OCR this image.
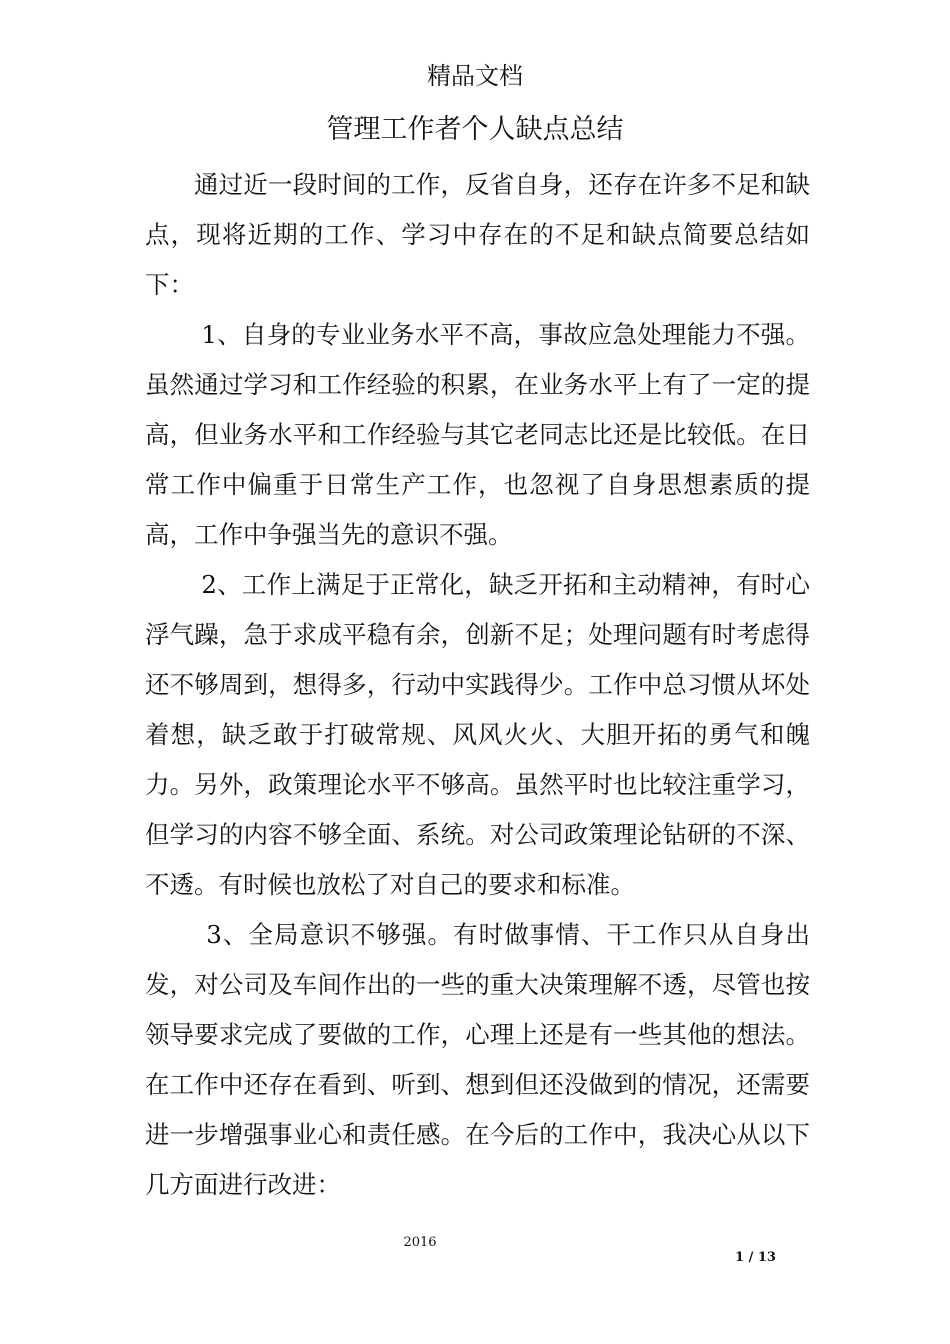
精品文档
管理工作者个人缺点总结

通过近一段时间的工作，反省自身，还存在许多不足和缺点，现将近期的工作、学习中存在的不足和缺点简要总结如下：

1、自身的专业业务水平不高，事故应急处理能力不强。虽然通过学习和工作经验的积累，在业务水平上有了一定的提高，但业务水平和工作经验与其它老同志比还是比较低。在日常工作中偏重于日常生产工作，也忽视了自身思想素质的提高，工作中争强当先的意识不强。

2、工作上满足于正常化，缺乏开拓和主动精神，有时心浮气躁，急于求成平稳有余，创新不足；处理问题有时考虑得还不够周到，想得多，行动中实践得少。工作中总习惯从坏处着想，缺乏敢于打破常规、风风火火、大胆开拓的勇气和魄力。另外，政策理论水平不够高。虽然平时也比较注重学习，但学习的内容不够全面、系统。对公司政策理论钻研的不深、不透。有时候也放松了对自己的要求和标准。

3、全局意识不够强。有时做事情、干工作只从自身出发，对公司及车间作出的一些的重大决策理解不透，尽管也按领导要求完成了要做的工作，心理上还是有一些其他的想法。在工作中还存在看到、听到、想到但还没做到的情况，还需要进一步增强事业心和责任感。在今后的工作中，我决心从以下几方面进行改进：

2016
1 / 13
